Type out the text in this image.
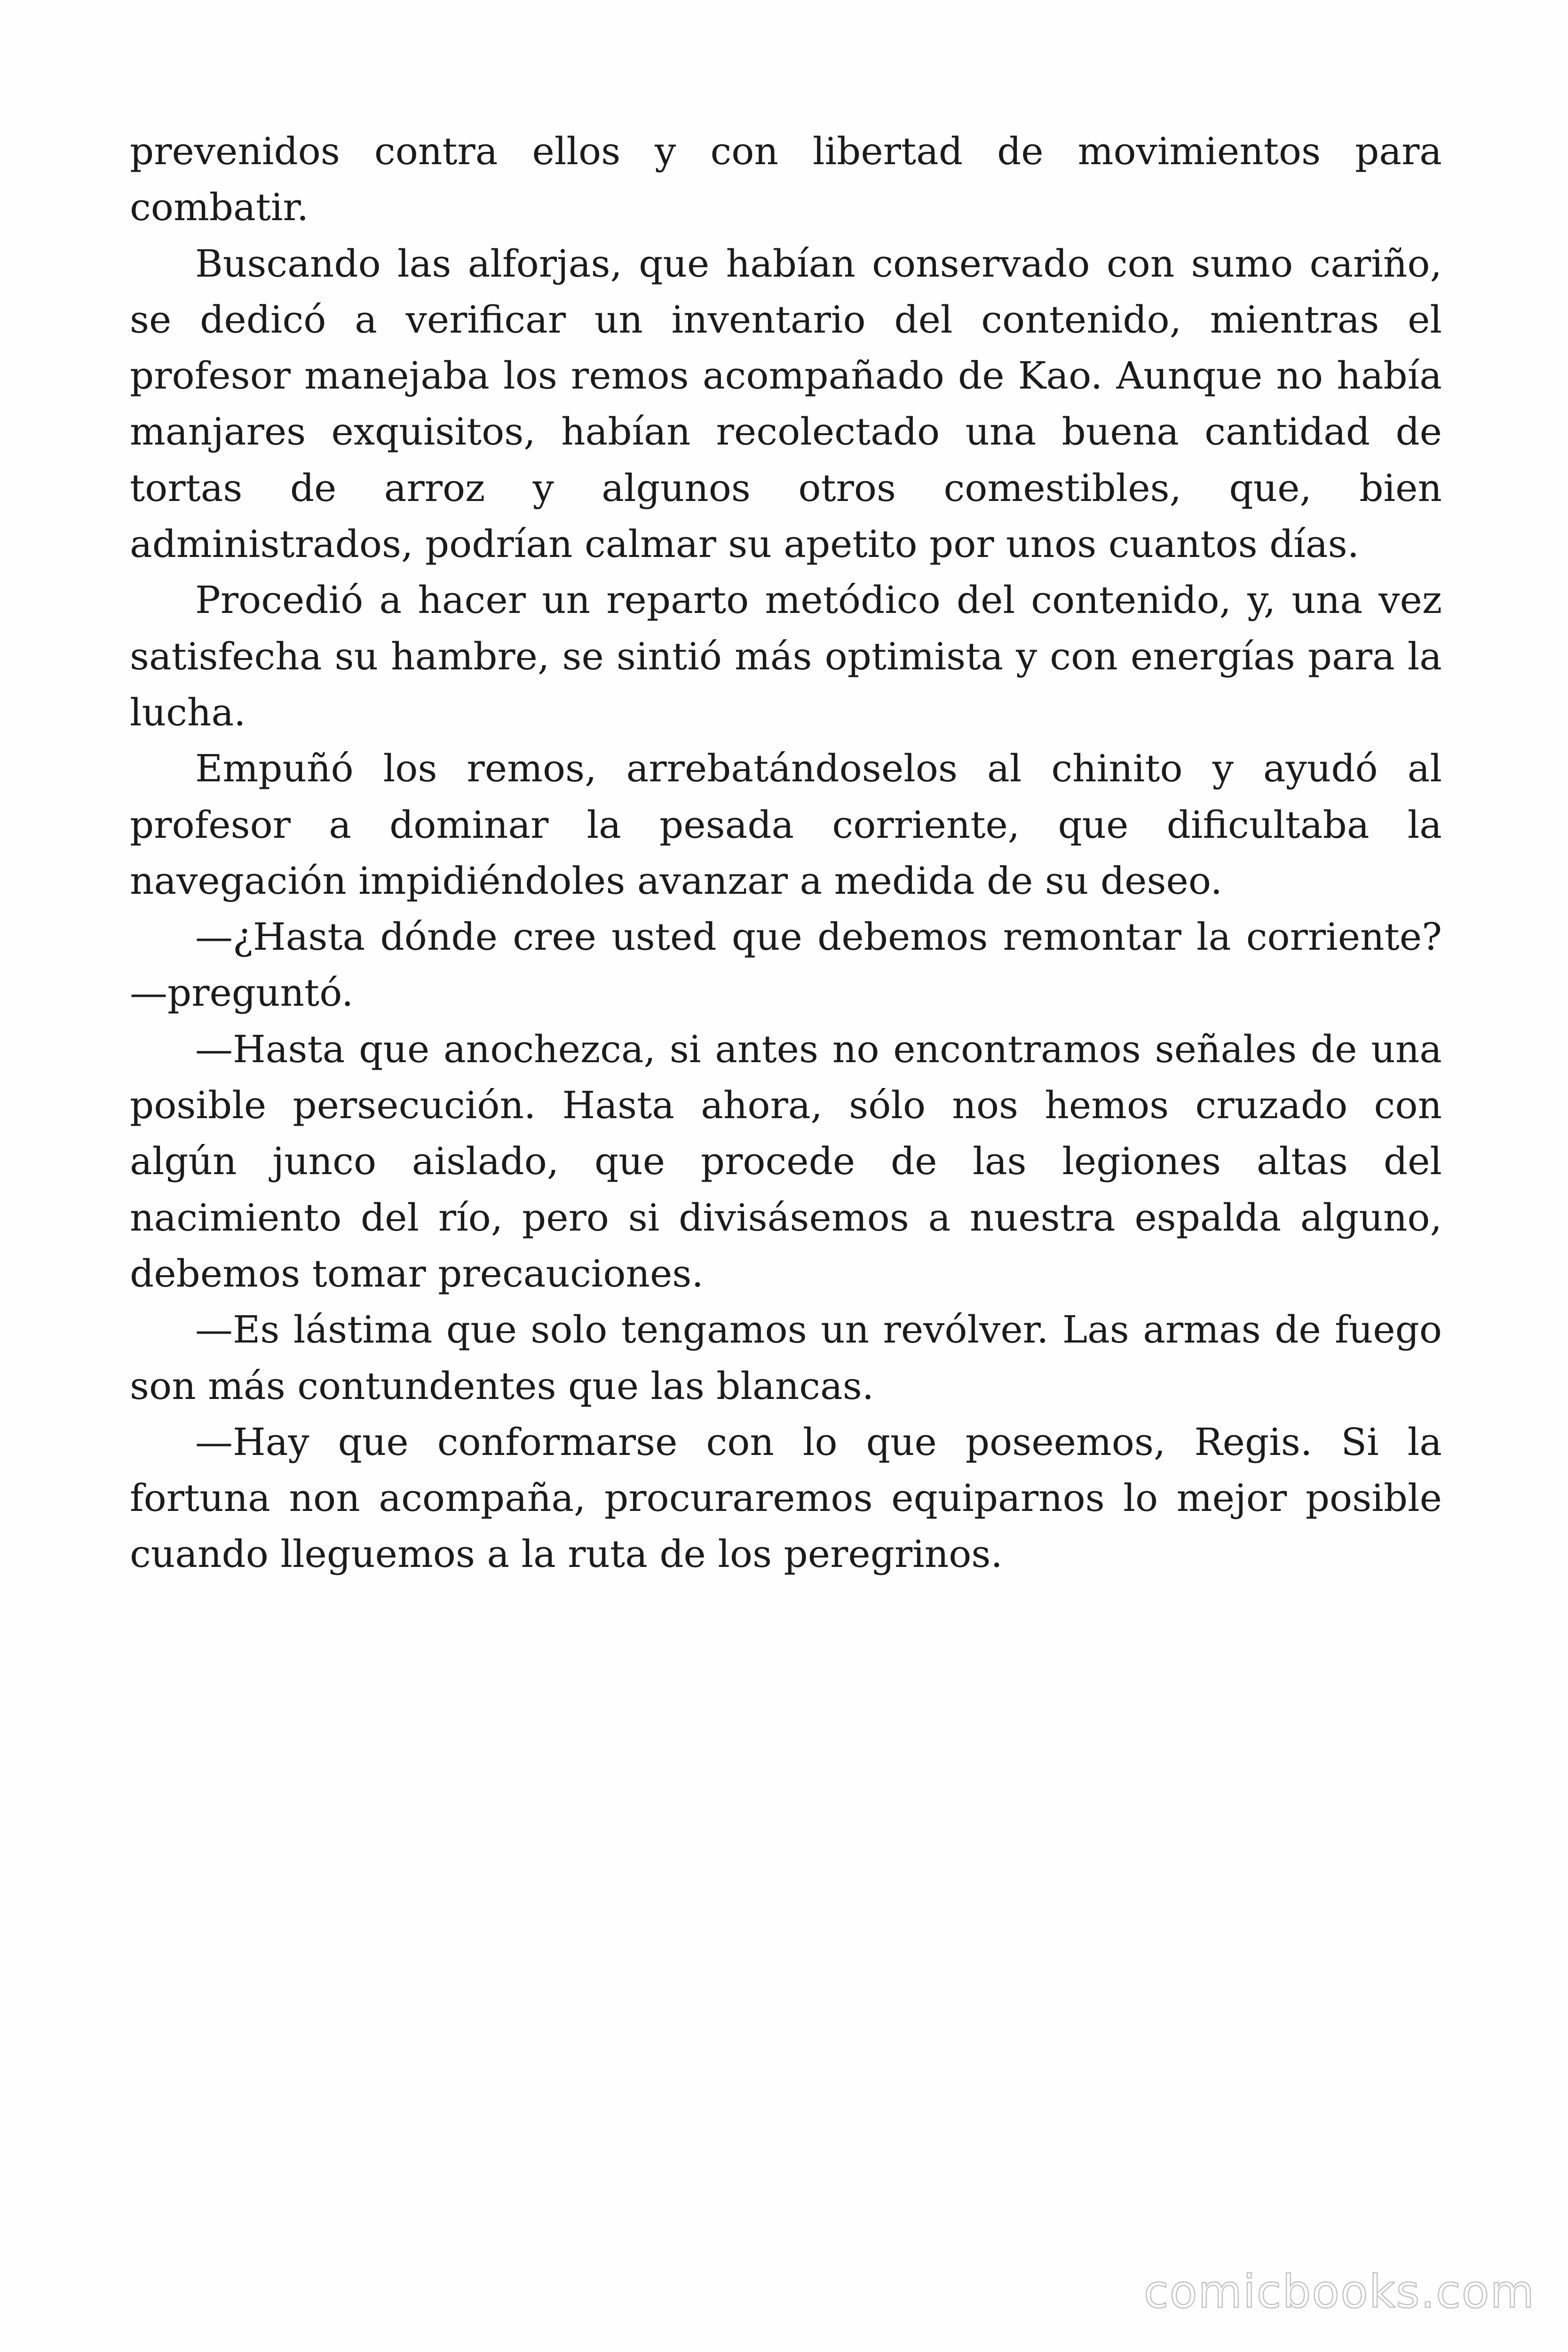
prevenidos contra ellos y con libertad de movimientos para combatir.

Buscando las alforjas, que habían conservado con sumo cariño, se dedicó a verificar un inventario del contenido, mientras el profesor manejaba los remos acompañado de Kao. Aunque no había manjares exquisitos, habían recolectado una buena cantidad de tortas de arroz y algunos otros comestibles, que, bien administrados, podrían calmar su apetito por unos cuantos días.

Procedió a hacer un reparto metódico del contenido, y, una vez satisfecha su hambre, se sintió más optimista y con energías para la lucha.

Empuñó los remos, arrebatándoselos al chinito y ayudó al profesor a dominar la pesada corriente, que dificultaba la navegación impidiéndoles avanzar a medida de su deseo.

—¿Hasta dónde cree usted que debemos remontar la corriente? —preguntó.

—Hasta que anochezca, si antes no encontramos señales de una posible persecución. Hasta ahora, sólo nos hemos cruzado con algún junco aislado, que procede de las legiones altas del nacimiento del río, pero si divisásemos a nuestra espalda alguno, debemos tomar precauciones.

—Es lástima que solo tengamos un revólver. Las armas de fuego son más contundentes que las blancas.

—Hay que conformarse con lo que poseemos, Regis. Si la fortuna non acompaña, procuraremos equiparnos lo mejor posible cuando lleguemos a la ruta de los peregrinos.

comicbooks.com
